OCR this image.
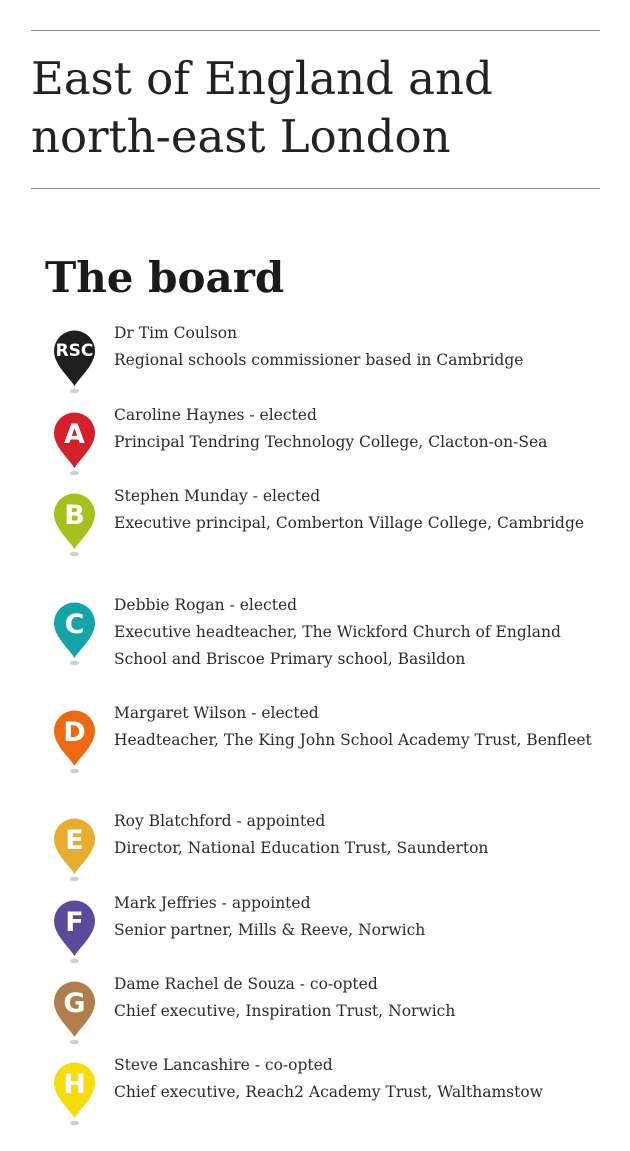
East of England and north-east London
The board
RSC
Dr Tim Coulson
Regional schools commissioner based in Cambridge
A
Caroline Haynes - elected
Principal Tendring Technology College, Clacton-on-Sea
B
Stephen Munday - elected
Executive principal, Comberton Village College, Cambridge
C
Debbie Rogan - elected
Executive headteacher, The Wickford Church of England School and Briscoe Primary school, Basildon
D
Margaret Wilson - elected
Headteacher, The King John School Academy Trust, Benfleet
E
Roy Blatchford - appointed
Director, National Education Trust, Saunderton
F
Mark Jeffries - appointed
Senior partner, Mills & Reeve, Norwich
G
Dame Rachel de Souza - co-opted
Chief executive, Inspiration Trust, Norwich
H
Steve Lancashire - co-opted
Chief executive, Reach2 Academy Trust, Walthamstow
